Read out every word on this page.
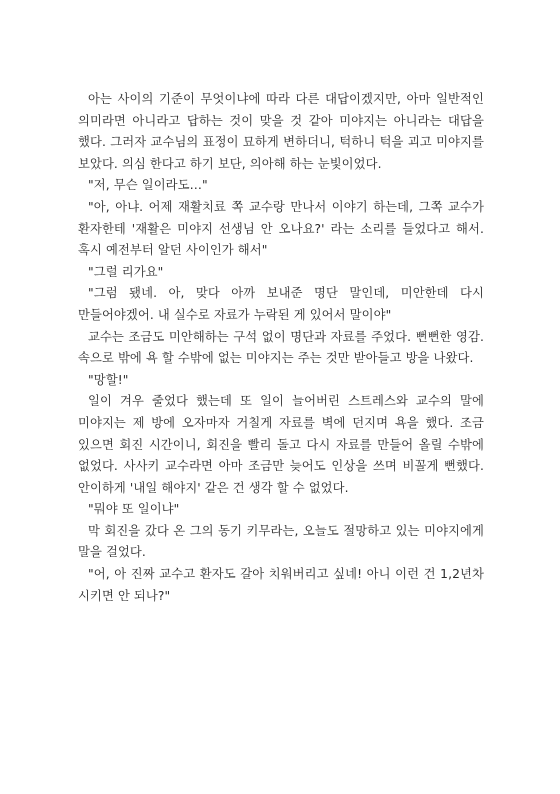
아는 사이의 기준이 무엇이냐에 따라 다른 대답이겠지만, 아마 일반적인 의미라면 아니라고 답하는 것이 맞을 것 같아 미야지는 아니라는 대답을 했다. 그러자 교수님의 표정이 묘하게 변하더니, 턱하니 턱을 괴고 미야지를 보았다. 의심 한다고 하기 보단, 의아해 하는 눈빛이었다.

"저, 무슨 일이라도…"

"아, 아냐. 어제 재활치료 쪽 교수랑 만나서 이야기 하는데, 그쪽 교수가 환자한테 '재활은 미야지 선생님 안 오나요?' 라는 소리를 들었다고 해서. 혹시 예전부터 알던 사이인가 해서"

"그럴 리가요"

"그럼 됐네. 아, 맞다 아까 보내준 명단 말인데, 미안한데 다시 만들어야겠어. 내 실수로 자료가 누락된 게 있어서 말이야"

교수는 조금도 미안해하는 구석 없이 명단과 자료를 주었다. 뻔뻔한 영감. 속으로 밖에 욕 할 수밖에 없는 미야지는 주는 것만 받아들고 방을 나왔다.

"망할!"

일이 겨우 줄었다 했는데 또 일이 늘어버린 스트레스와 교수의 말에 미야지는 제 방에 오자마자 거칠게 자료를 벽에 던지며 욕을 했다. 조금 있으면 회진 시간이니, 회진을 빨리 돌고 다시 자료를 만들어 올릴 수밖에 없었다. 사사키 교수라면 아마 조금만 늦어도 인상을 쓰며 비꼴게 뻔했다. 안이하게 '내일 해야지' 같은 건 생각 할 수 없었다.

"뭐야 또 일이냐"

막 회진을 갔다 온 그의 동기 키무라는, 오늘도 절망하고 있는 미야지에게 말을 걸었다.

"어, 아 진짜 교수고 환자도 갈아 치워버리고 싶네! 아니 이런 건 1,2년차 시키면 안 되나?"
